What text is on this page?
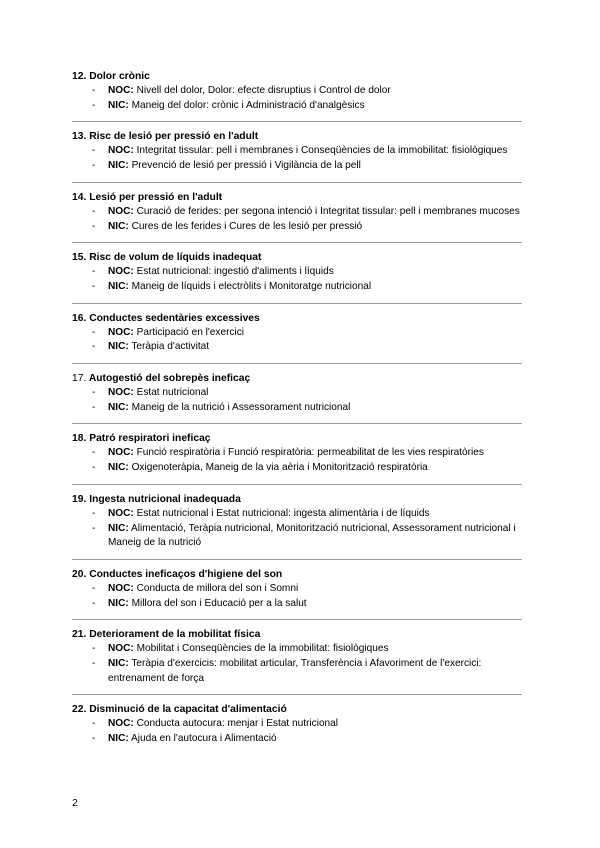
12. Dolor crònic
- NOC: Nivell del dolor, Dolor: efecte disruptius i Control de dolor
- NIC: Maneig del dolor: crònic i Administració d'analgèsics
13. Risc de lesió per pressió en l'adult
- NOC: Integritat tissular: pell i membranes i Conseqüències de la immobilitat: fisiològiques
- NIC: Prevenció de lesió per pressió i Vigilància de la pell
14. Lesió per pressió en l'adult
- NOC: Curació de ferides: per segona intenció i Integritat tissular: pell i membranes mucoses
- NIC: Cures de les ferides i Cures de les lesió per pressió
15. Risc de volum de líquids inadequat
- NOC: Estat nutricional: ingestió d'aliments i líquids
- NIC: Maneig de líquids i electròlits i Monitoratge nutricional
16. Conductes sedentàries excessives
- NOC: Participació en l'exercici
- NIC: Teràpia d'activitat
17. Autogestió del sobrepès ineficaç
- NOC: Estat nutricional
- NIC: Maneig de la nutrició i Assessorament nutricional
18. Patró respiratori ineficaç
- NOC: Funció respiratòria i Funció respiratòria: permeabilitat de les vies respiratòries
- NIC: Oxigenoteràpia, Maneig de la via aèria i Monitorització respiratòria
19. Ingesta nutricional inadequada
- NOC: Estat nutricional i Estat nutricional: ingesta alimentària i de líquids
- NIC: Alimentació, Teràpia nutricional, Monitorització nutricional, Assessorament nutricional i Maneig de la nutrició
20. Conductes ineficaços d'higiene del son
- NOC: Conducta de millora del son i Somni
- NIC: Millora del son i Educació per a la salut
21. Deteriorament de la mobilitat física
- NOC: Mobilitat i Conseqüències de la immobilitat: fisiològiques
- NIC: Teràpia d'exercicis: mobilitat articular, Transferència i Afavoriment de l'exercici: entrenament de força
22. Disminució de la capacitat d'alimentació
- NOC: Conducta autocura: menjar i Estat nutricional
- NIC: Ajuda en l'autocura i Alimentació
2
